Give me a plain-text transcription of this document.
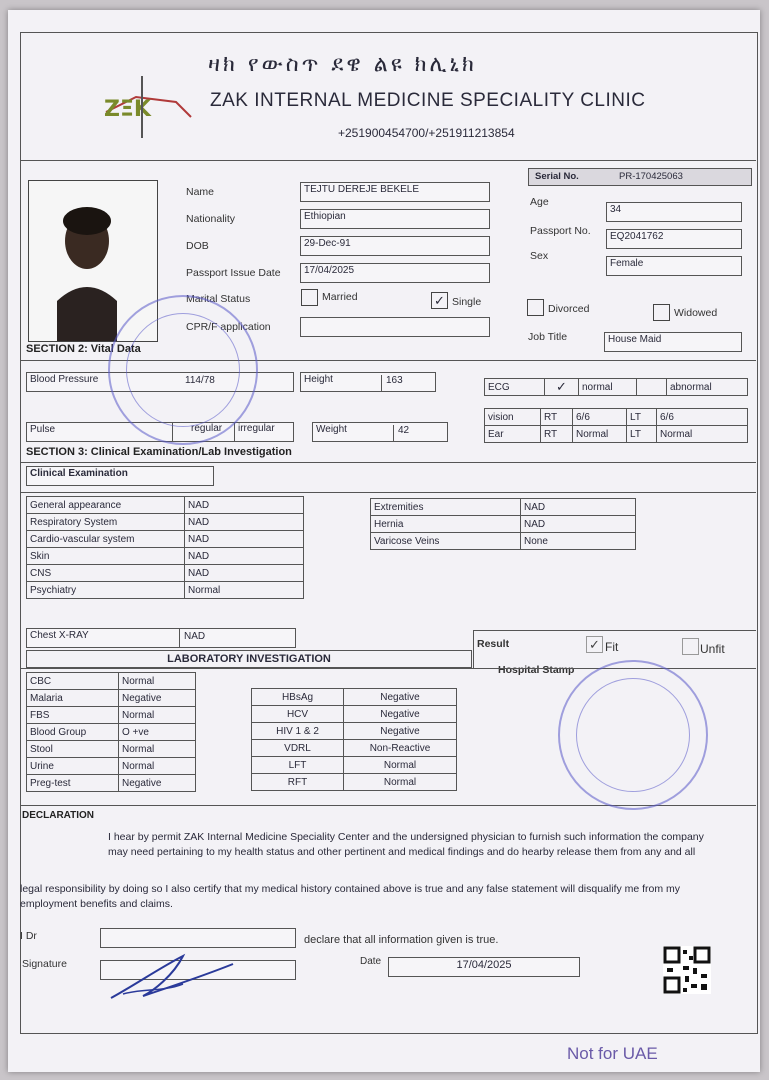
ZΞK
ዛክ የውስጥ ደዌ ልዩ ክሊኒክ
ZAK INTERNAL MEDICINE SPECIALITY CLINIC
+251900454700/+251911213854
Serial No.	PR-170425063
Name	TEJTU DEREJE BEKELE
Nationality	Ethiopian
DOB	29-Dec-91
Passport Issue Date	17/04/2025
Marital Status	Married	✓ Single
CPR/F application
Age
34
Passport No.	EQ2041762
Sex
Female
Divorced	Widowed
Job Title	House Maid
SECTION 2: Vital Data
Blood Pressure	114/78	Height	163
ECG	✓	normal		abnormal
vision	RT	6/6	LT	6/6
Ear	RT	Normal	LT	Normal
Pulse	regular	irregular	Weight	42
SECTION 3: Clinical Examination/Lab Investigation
Clinical Examination
General appearance	NAD
Respiratory System	NAD
Cardio-vascular system	NAD
Skin	NAD
CNS	NAD
Psychiatry	Normal
Extremities	NAD
Hernia	NAD
Varicose Veins	None
Chest X-RAY	NAD
Result	✓ Fit	Unfit
Hospital Stamp
LABORATORY INVESTIGATION
CBC	Normal
Malaria	Negative
FBS	Normal
Blood Group	O +ve
Stool	Normal
Urine	Normal
Preg-test	Negative
HBsAg	Negative
HCV	Negative
HIV 1 & 2	Negative
VDRL	Non-Reactive
LFT	Normal
RFT	Normal
DECLARATION
I hear by permit ZAK Internal Medicine Speciality Center and the undersigned physician to furnish such information the company may need pertaining to my health status and other pertinent and medical findings and do hearby release them from any and all
legal responsibility by doing so I also certify that my medical history contained above is true and any false statement will disqualify me from my employment benefits and claims.
I Dr	declare that all information given is true.
Signature	Date	17/04/2025
Not for UAE
